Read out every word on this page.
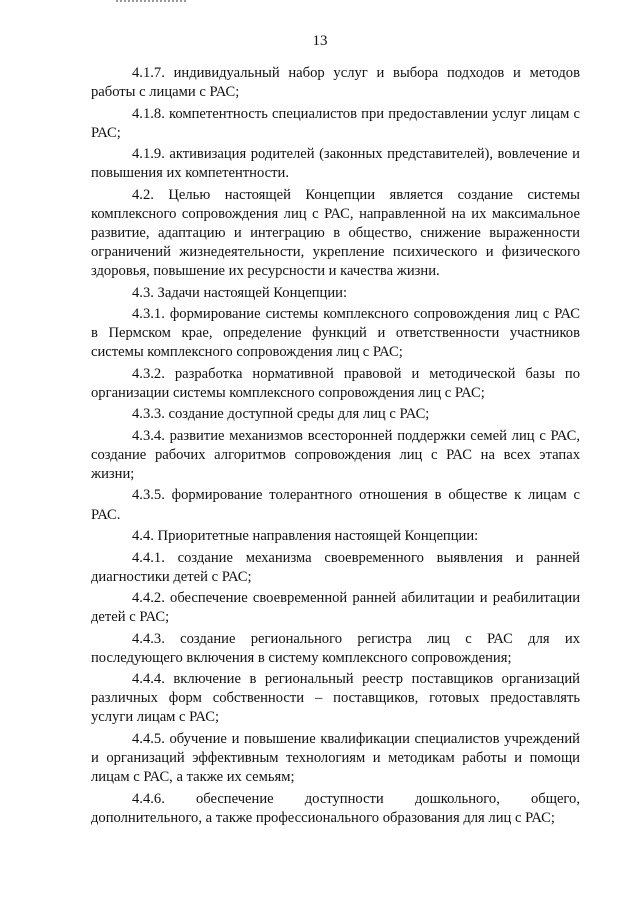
13

4.1.7. индивидуальный набор услуг и выбора подходов и методов работы с лицами с РАС;

4.1.8. компетентность специалистов при предоставлении услуг лицам с РАС;

4.1.9. активизация родителей (законных представителей), вовлечение и повышения их компетентности.

4.2. Целью настоящей Концепции является создание системы комплексного сопровождения лиц с РАС, направленной на их максимальное развитие, адаптацию и интеграцию в общество, снижение выраженности ограничений жизнедеятельности, укрепление психического и физического здоровья, повышение их ресурсности и качества жизни.

4.3. Задачи настоящей Концепции:

4.3.1. формирование системы комплексного сопровождения лиц с РАС в Пермском крае, определение функций и ответственности участников системы комплексного сопровождения лиц с РАС;

4.3.2. разработка нормативной правовой и методической базы по организации системы комплексного сопровождения лиц с РАС;

4.3.3. создание доступной среды для лиц с РАС;

4.3.4. развитие механизмов всесторонней поддержки семей лиц с РАС, создание рабочих алгоритмов сопровождения лиц с РАС на всех этапах жизни;

4.3.5. формирование толерантного отношения в обществе к лицам с РАС.

4.4. Приоритетные направления настоящей Концепции:

4.4.1. создание механизма своевременного выявления и ранней диагностики детей с РАС;

4.4.2. обеспечение своевременной ранней абилитации и реабилитации детей с РАС;

4.4.3. создание регионального регистра лиц с РАС для их последующего включения в систему комплексного сопровождения;

4.4.4. включение в региональный реестр поставщиков организаций различных форм собственности – поставщиков, готовых предоставлять услуги лицам с РАС;

4.4.5. обучение и повышение квалификации специалистов учреждений и организаций эффективным технологиям и методикам работы и помощи лицам с РАС, а также их семьям;

4.4.6. обеспечение доступности дошкольного, общего, дополнительного, а также профессионального образования для лиц с РАС;
